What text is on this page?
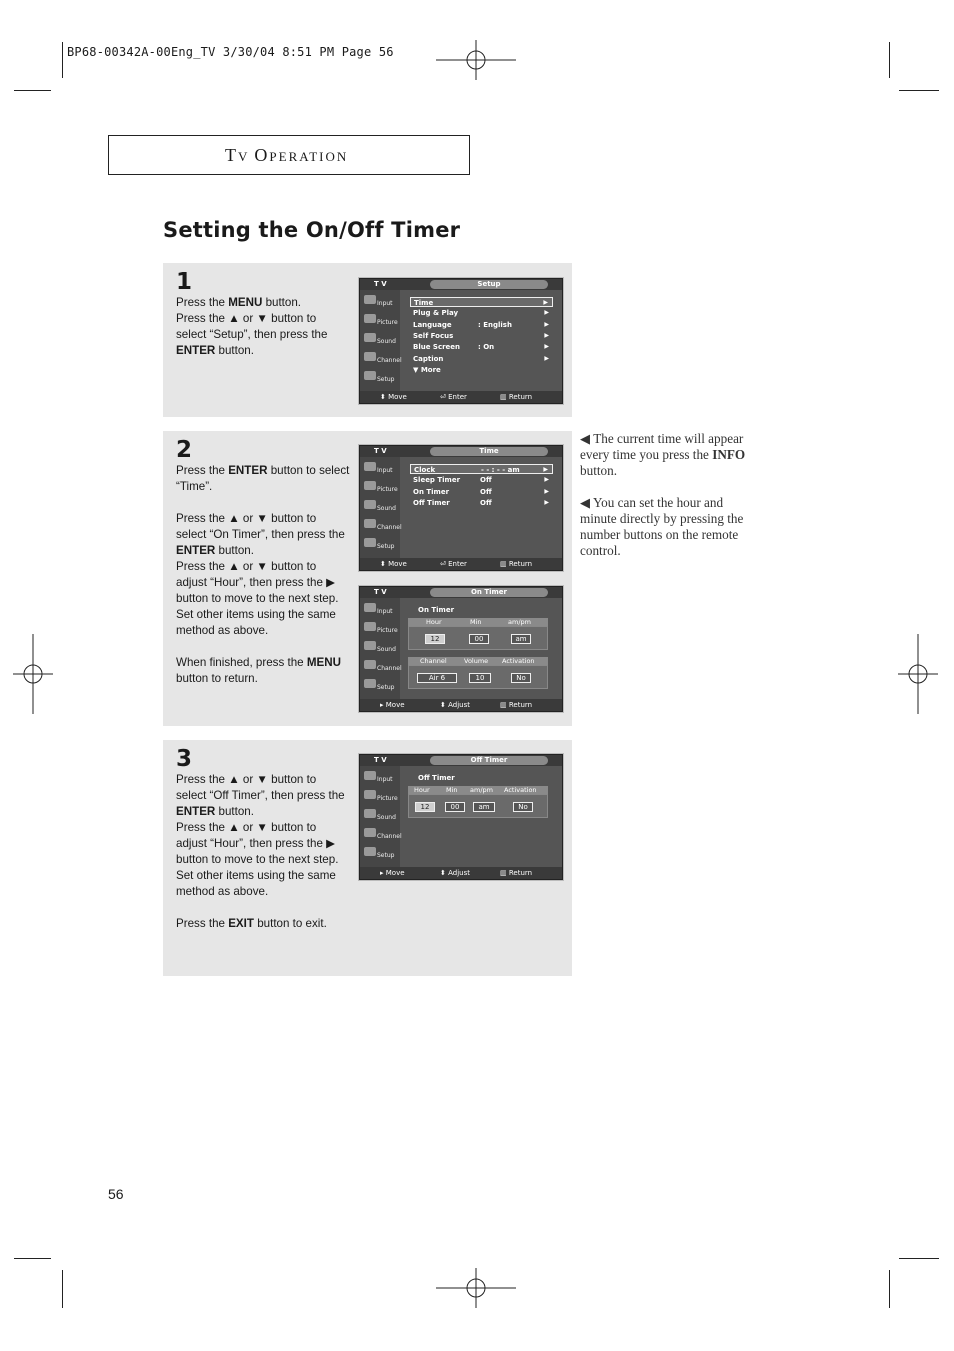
BP68-00342A-00Eng_TV 3/30/04 8:51 PM Page 56
TV OPERATION
Setting the On/Off Timer
1

Press the MENU button.

Press the ▲ or ▼ button to

select “Setup”, then press the

ENTER button.

2

Press the ENTER button to select

“Time”.

Press the ▲ or ▼ button to

select “On Timer”, then press the

ENTER button.

Press the ▲ or ▼ button to

adjust “Hour”, then press the ▶

button to move to the next step.

Set other items using the same

method as above.

When finished, press the MENU

button to return.

3

Press the ▲ or ▼ button to

select “Off Timer”, then press the

ENTER button.

Press the ▲ or ▼ button to

adjust “Hour”, then press the ▶

button to move to the next step.

Set other items using the same

method as above.

Press the EXIT button to exit.

T V	Setup
Input
Picture
Sound
Channel
Setup
⬍ Move	⏎ Enter	▥ Return
Time	▶
Plug & Play	▶
Language	: English	▶
Self Focus	▶
Blue Screen	: On	▶
Caption	▶
▼ More
T V	Time
Input
Picture
Sound
Channel
Setup
⬍ Move	⏎ Enter	▥ Return
Clock	- - : - - am	▶
Sleep Timer	Off	▶
On Timer	Off	▶
Off Timer	Off	▶
T V	On Timer
Input
Picture
Sound
Channel
Setup
On Timer
Hour	Min	am/pm
12	00	am
Channel	Volume Activation
Air 6	10	No
▸ Move	⬍ Adjust	▥ Return
T V	Off Timer
Input
Picture
Sound
Channel
Setup
Off Timer
Hour	Min am/pm Activation
12	00	am	No
▸ Move	⬍ Adjust	▥ Return
◀ The current time will appear
every time you press the INFO
button.
◀ You can set the hour and
minute directly by pressing the
number buttons on the remote
control.
56
